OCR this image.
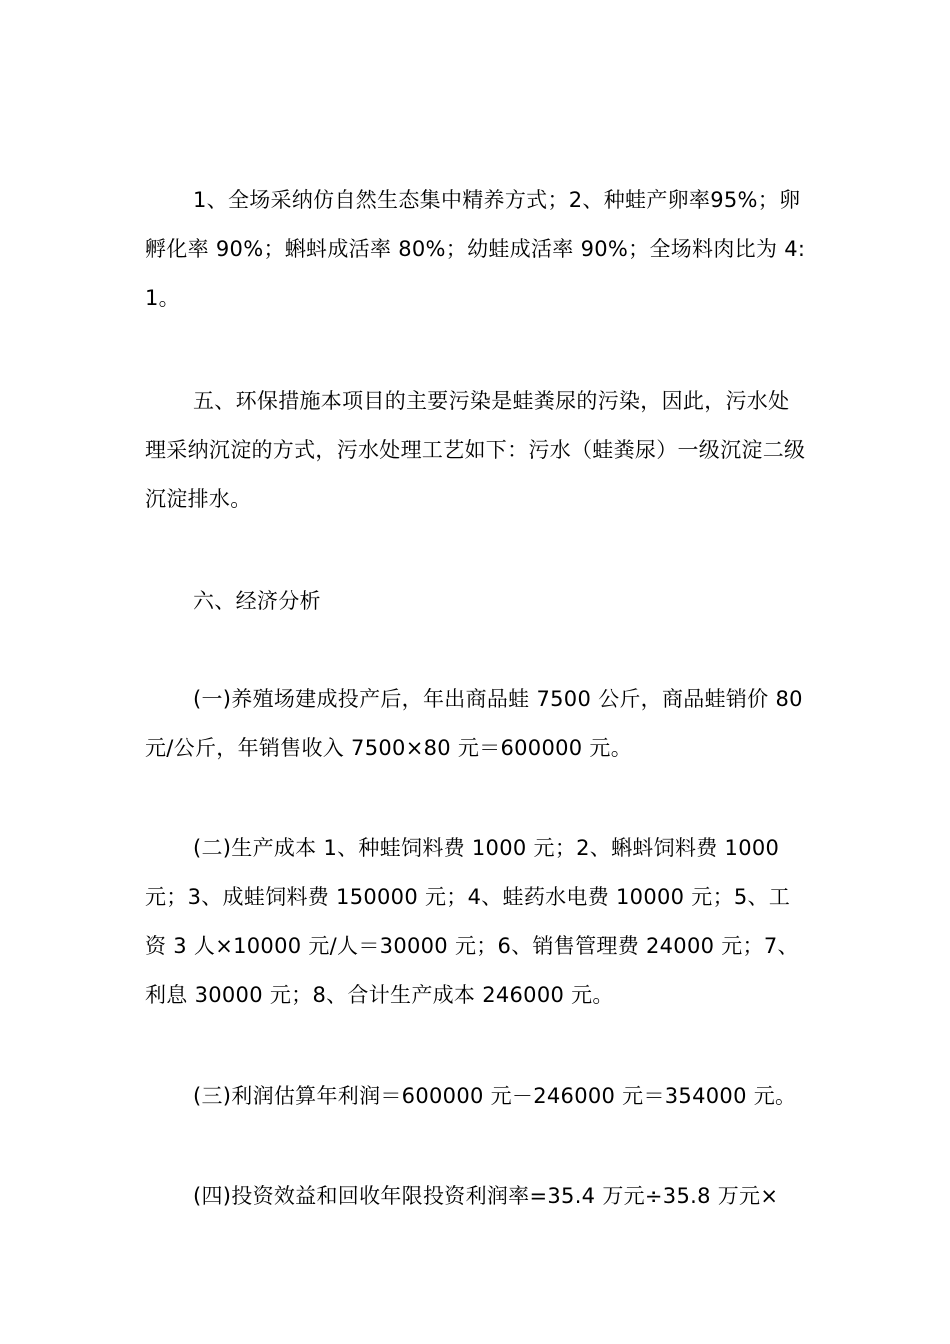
1、全场采纳仿自然生态集中精养方式；2、种蛙产卵率95%；卵孵化率 90%；蝌蚪成活率 80%；幼蛙成活率 90%；全场料肉比为 4:1。

五、环保措施本项目的主要污染是蛙粪尿的污染，因此，污水处理采纳沉淀的方式，污水处理工艺如下：污水（蛙粪尿）一级沉淀二级沉淀排水。

六、经济分析

(一)养殖场建成投产后，年出商品蛙 7500 公斤，商品蛙销价 80 元/公斤，年销售收入 7500×80 元＝600000 元。

(二)生产成本 1、种蛙饲料费 1000 元；2、蝌蚪饲料费 1000 元；3、成蛙饲料费 150000 元；4、蛙药水电费 10000 元；5、工资 3 人×10000 元/人＝30000 元；6、销售管理费 24000 元；7、利息 30000 元；8、合计生产成本 246000 元。

(三)利润估算年利润＝600000 元－246000 元＝354000 元。

(四)投资效益和回收年限投资利润率=35.4 万元÷35.8 万元×
